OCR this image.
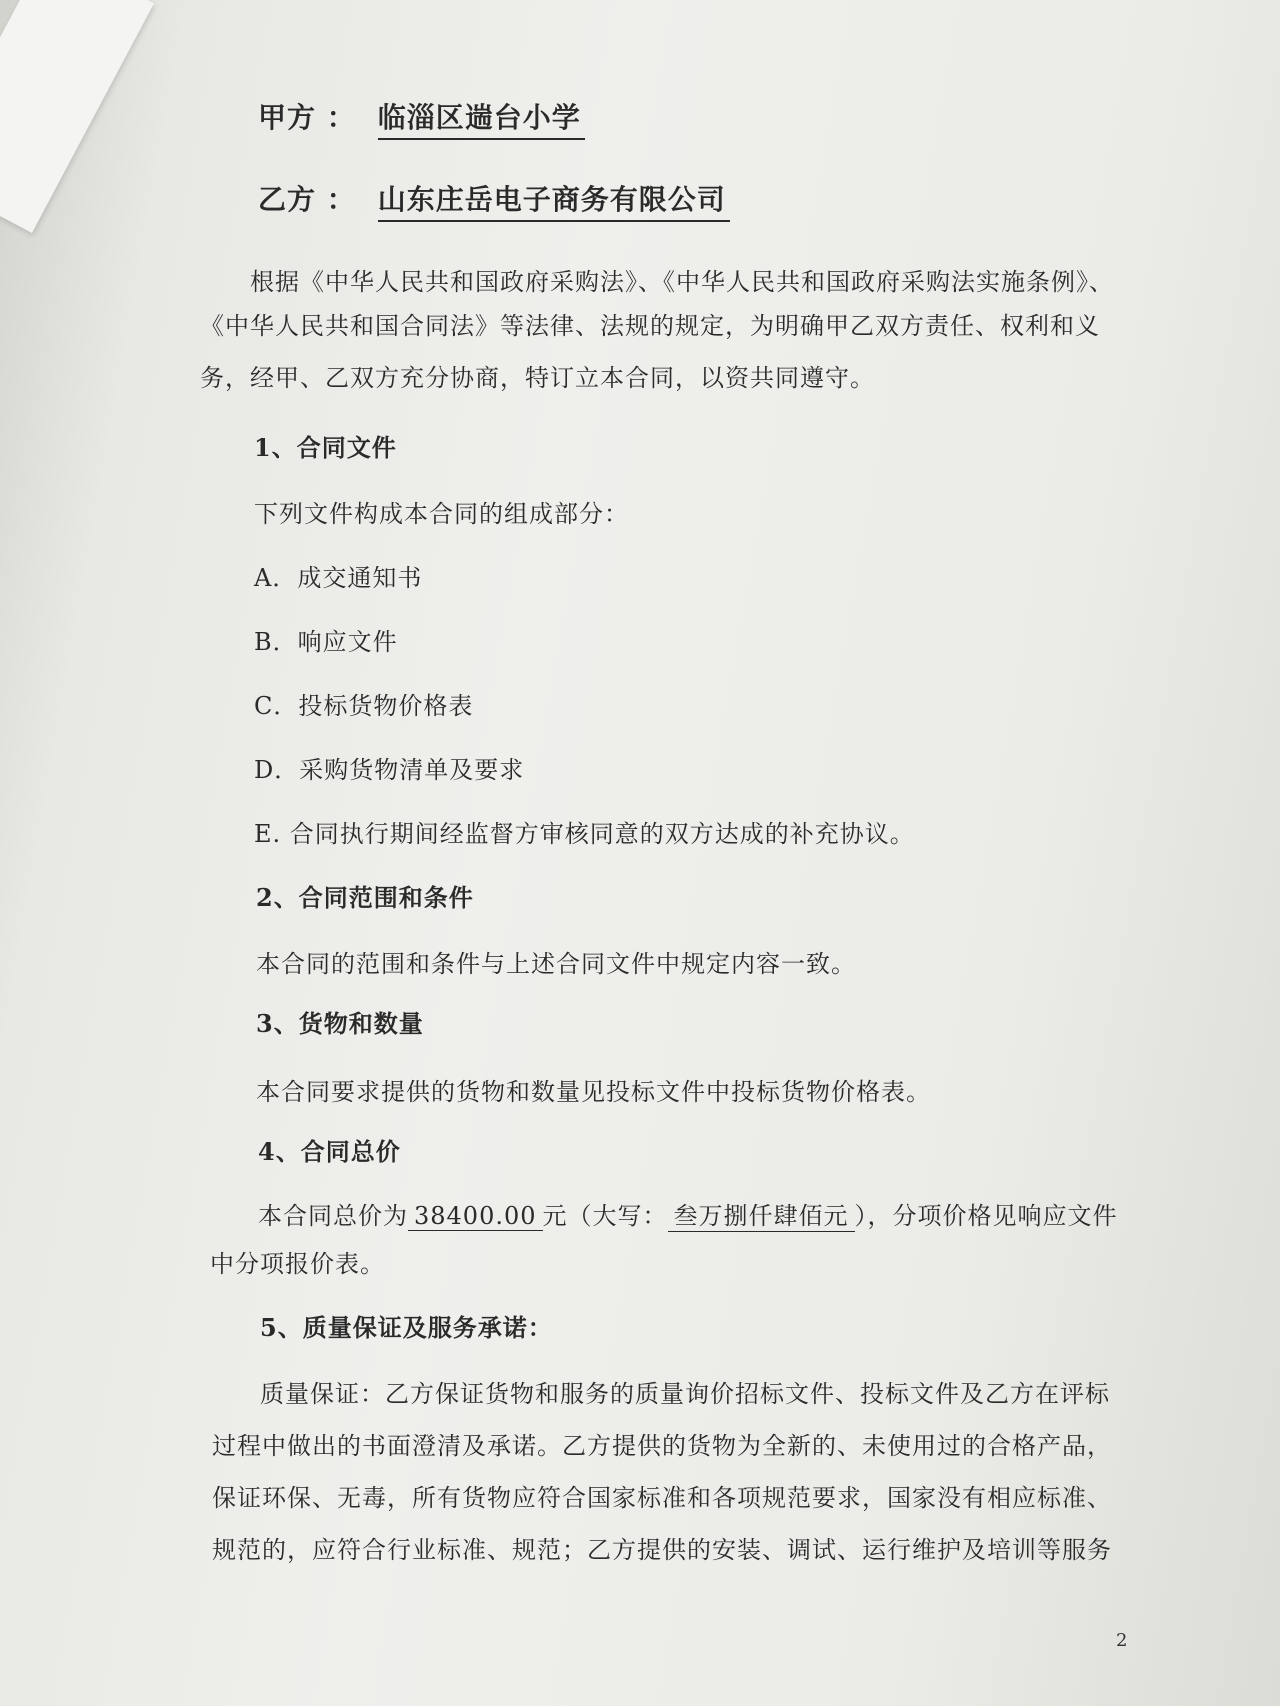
甲方 ： 临淄区遄台小学
乙方 ： 山东庄岳电子商务有限公司
根据《中华人民共和国政府采购法》、《中华人民共和国政府采购法实施条例》、
《中华人民共和国合同法》等法律、法规的规定，为明确甲乙双方责任、权利和义
务，经甲、乙双方充分协商，特订立本合同，以资共同遵守。
1、合同文件
下列文件构成本合同的组成部分：
A．成交通知书
B．响应文件
C．投标货物价格表
D．采购货物清单及要求
E. 合同执行期间经监督方审核同意的双方达成的补充协议。
2、合同范围和条件
本合同的范围和条件与上述合同文件中规定内容一致。
3、货物和数量
本合同要求提供的货物和数量见投标文件中投标货物价格表。
4、合同总价
本合同总价为 38400.00 元（大写： 叁万捌仟肆佰元 ），分项价格见响应文件
中分项报价表。
5、质量保证及服务承诺：
质量保证：乙方保证货物和服务的质量询价招标文件、投标文件及乙方在评标
过程中做出的书面澄清及承诺。乙方提供的货物为全新的、未使用过的合格产品，
保证环保、无毒，所有货物应符合国家标准和各项规范要求，国家没有相应标准、
规范的，应符合行业标准、规范；乙方提供的安装、调试、运行维护及培训等服务
2
